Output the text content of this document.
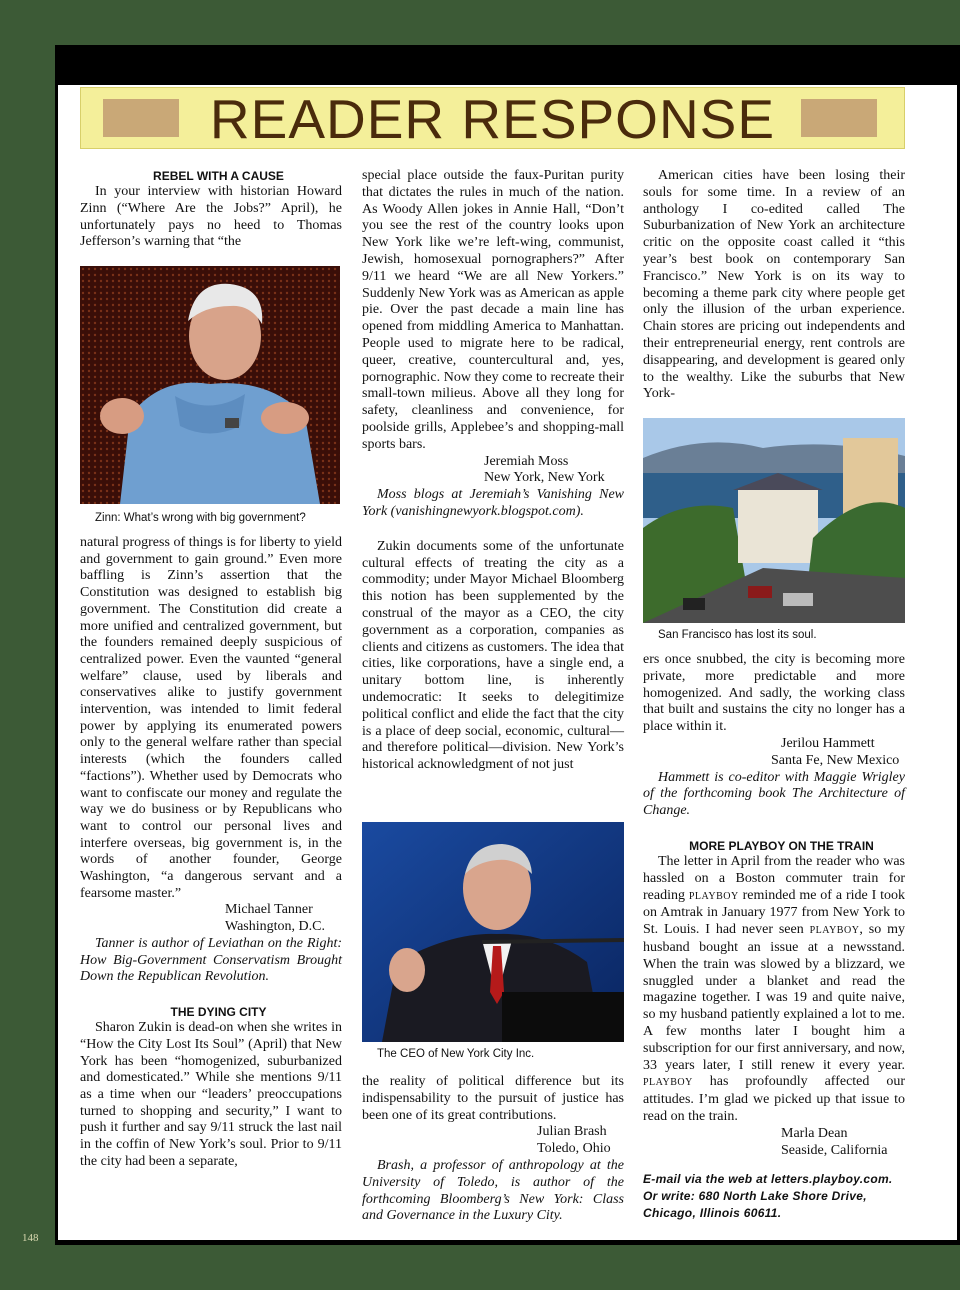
READER RESPONSE

REBEL WITH A CAUSE

In your interview with historian Howard Zinn (“Where Are the Jobs?” April), he unfortunately pays no heed to Thomas Jefferson’s warning that “the

Zinn: What’s wrong with big government?

natural progress of things is for liberty to yield and government to gain ground.” Even more baffling is Zinn’s assertion that the Constitution was designed to establish big government. The Constitution did create a more unified and centralized government, but the founders remained deeply suspicious of centralized power. Even the vaunted “general welfare” clause, used by liberals and conservatives alike to justify government intervention, was intended to limit federal power by applying its enumerated powers only to the general welfare rather than special interests (which the founders called “factions”). Whether used by Democrats who want to confiscate our money and regulate the way we do business or by Republicans who want to control our personal lives and interfere overseas, big government is, in the words of another founder, George Washington, “a dangerous servant and a fearsome master.”

Michael Tanner
Washington, D.C.

Tanner is author of Leviathan on the Right: How Big-Government Conservatism Brought Down the Republican Revolution.

THE DYING CITY

Sharon Zukin is dead-on when she writes in “How the City Lost Its Soul” (April) that New York has been “homogenized, suburbanized and domesticated.” While she mentions 9/11 as a time when our “leaders’ preoccupations turned to shopping and security,” I want to push it further and say 9/11 struck the last nail in the coffin of New York’s soul. Prior to 9/11 the city had been a separate,

special place outside the faux-Puritan purity that dictates the rules in much of the nation. As Woody Allen jokes in Annie Hall, “Don’t you see the rest of the country looks upon New York like we’re left-wing, communist, Jewish, homosexual pornographers?” After 9/11 we heard “We are all New Yorkers.” Suddenly New York was as American as apple pie. Over the past decade a main line has opened from middling America to Manhattan. People used to migrate here to be radical, queer, creative, countercultural and, yes, pornographic. Now they come to recreate their small-town milieus. Above all they long for safety, cleanliness and convenience, for poolside grills, Applebee’s and shopping-mall sports bars.

Jeremiah Moss
New York, New York

Moss blogs at Jeremiah’s Vanishing New York (vanishingnewyork.blogspot.com).

Zukin documents some of the unfortunate cultural effects of treating the city as a commodity; under Mayor Michael Bloomberg this notion has been supplemented by the construal of the mayor as a CEO, the city government as a corporation, companies as clients and citizens as customers. The idea that cities, like corporations, have a single end, a unitary bottom line, is inherently undemocratic: It seeks to delegitimize political conflict and elide the fact that the city is a place of deep social, economic, cultural—and therefore political—division. New York’s historical acknowledgment of not just

The CEO of New York City Inc.

the reality of political difference but its indispensability to the pursuit of justice has been one of its great contributions.

Julian Brash
Toledo, Ohio

Brash, a professor of anthropology at the University of Toledo, is author of the forthcoming Bloomberg’s New York: Class and Governance in the Luxury City.

American cities have been losing their souls for some time. In a review of an anthology I co-edited called The Suburbanization of New York an architecture critic on the opposite coast called it “this year’s best book on contemporary San Francisco.” New York is on its way to becoming a theme park city where people get only the illusion of the urban experience. Chain stores are pricing out independents and their entrepreneurial energy, rent controls are disappearing, and development is geared only to the wealthy. Like the suburbs that New York-

San Francisco has lost its soul.

ers once snubbed, the city is becoming more private, more predictable and more homogenized. And sadly, the working class that built and sustains the city no longer has a place within it.

Jerilou Hammett
Santa Fe, New Mexico

Hammett is co-editor with Maggie Wrigley of the forthcoming book The Architecture of Change.

MORE PLAYBOY ON THE TRAIN

The letter in April from the reader who was hassled on a Boston commuter train for reading PLAYBOY reminded me of a ride I took on Amtrak in January 1977 from New York to St. Louis. I had never seen PLAYBOY, so my husband bought an issue at a newsstand. When the train was slowed by a blizzard, we snuggled under a blanket and read the magazine together. I was 19 and quite naive, so my husband patiently explained a lot to me. A few months later I bought him a subscription for our first anniversary, and now, 33 years later, I still renew it every year. PLAYBOY has profoundly affected our attitudes. I’m glad we picked up that issue to read on the train.

Marla Dean
Seaside, California
E-mail via the web at letters.playboy.com.
Or write: 680 North Lake Shore Drive,
Chicago, Illinois 60611.
148
